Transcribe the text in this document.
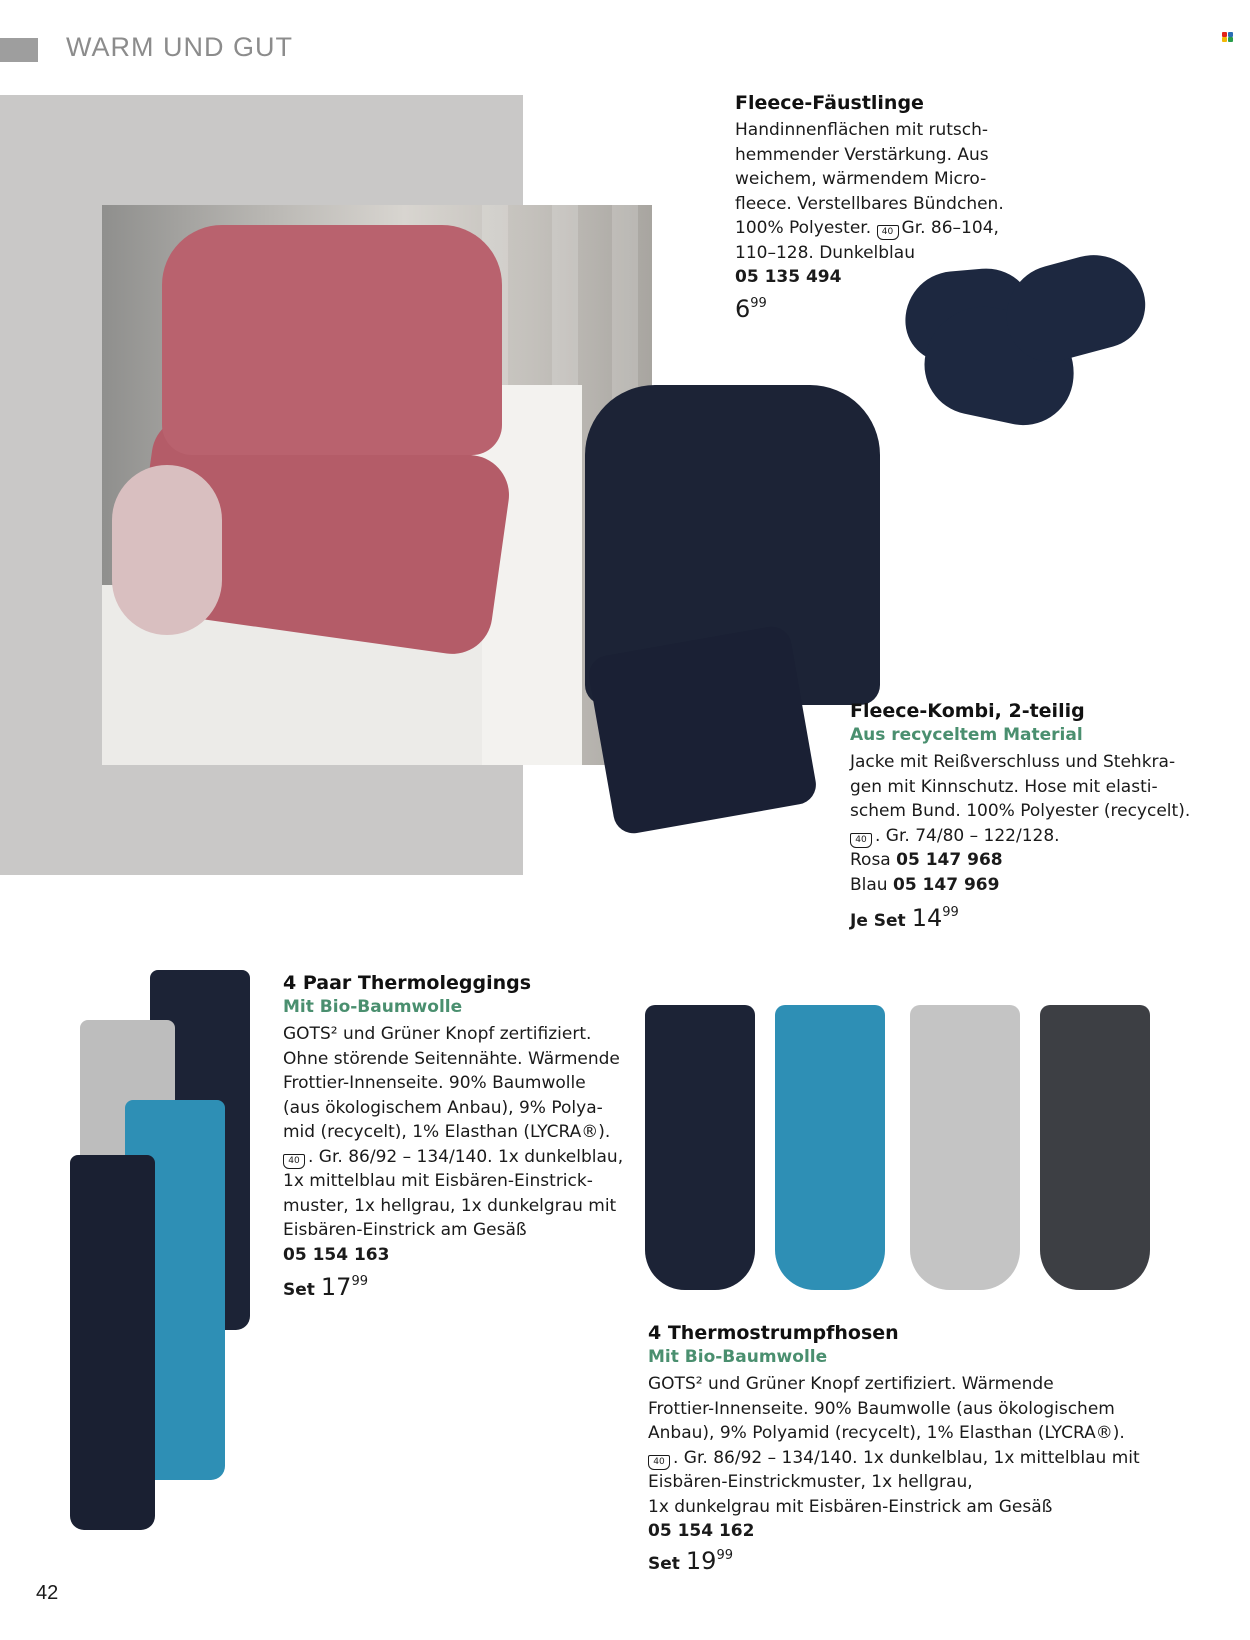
WARM UND GUT
Fleece-Fäustlinge
Handinnenflächen mit rutsch-
hemmender Verstärkung. Aus
weichem, wärmendem Micro-
fleece. Verstellbares Bündchen.
100% Polyester. 40 Gr. 86–104,
110–128. Dunkelblau
05 135 494
$6^{99}$
Fleece-Kombi, 2-teilig

Aus recyceltem Material

Jacke mit Reißverschluss und Stehkra-
gen mit Kinnschutz. Hose mit elasti-
schem Bund. 100% Polyester (recycelt).
40 . Gr. 74/80 – 122/128.
Rosa 05 147 968
Blau 05 147 969
Je Set $14^{99}$
4 Paar Thermoleggings

Mit Bio-Baumwolle

GOTS² und Grüner Knopf zertifiziert.
Ohne störende Seitennähte. Wärmende
Frottier-Innenseite. 90% Baumwolle
(aus ökologischem Anbau), 9% Polya-
mid (recycelt), 1% Elasthan (LYCRA®).
40 . Gr. 86/92 – 134/140. 1x dunkelblau,
1x mittelblau mit Eisbären-Einstrick-
muster, 1x hellgrau, 1x dunkelgrau mit
Eisbären-Einstrick am Gesäß
05 154 163
Set $17^{99}$
4 Thermostrumpfhosen

Mit Bio-Baumwolle

GOTS² und Grüner Knopf zertifiziert. Wärmende
Frottier-Innenseite. 90% Baumwolle (aus ökologischem
Anbau), 9% Polyamid (recycelt), 1% Elasthan (LYCRA®).
40 . Gr. 86/92 – 134/140. 1x dunkelblau, 1x mittelblau mit
Eisbären-Einstrickmuster, 1x hellgrau,
1x dunkelgrau mit Eisbären-Einstrick am Gesäß
05 154 162
Set $19^{99}$
42
